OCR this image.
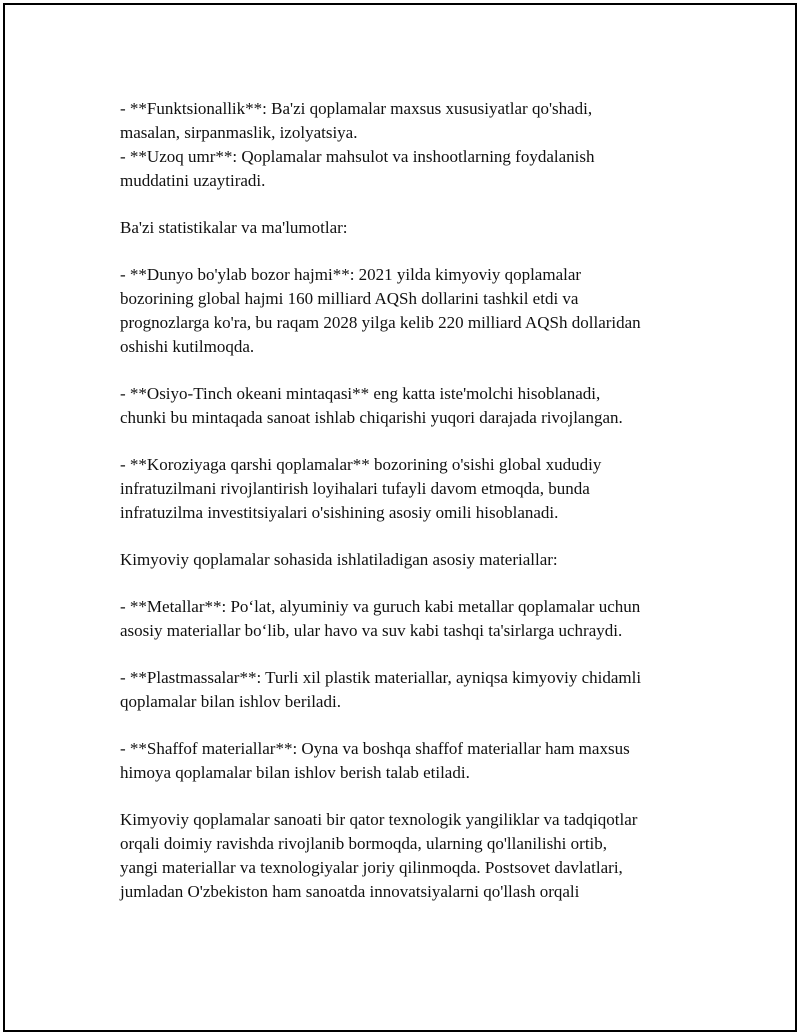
- **Funktsionallik**: Ba'zi qoplamalar maxsus xususiyatlar qo'shadi,
masalan, sirpanmaslik, izolyatsiya.
- **Uzoq umr**: Qoplamalar mahsulot va inshootlarning foydalanish
muddatini uzaytiradi.

Ba'zi statistikalar va ma'lumotlar:

- **Dunyo bo'ylab bozor hajmi**: 2021 yilda kimyoviy qoplamalar
bozorining global hajmi 160 milliard AQSh dollarini tashkil etdi va
prognozlarga ko'ra, bu raqam 2028 yilga kelib 220 milliard AQSh dollaridan
oshishi kutilmoqda.

- **Osiyo-Tinch okeani mintaqasi** eng katta iste'molchi hisoblanadi,
chunki bu mintaqada sanoat ishlab chiqarishi yuqori darajada rivojlangan.

- **Koroziyaga qarshi qoplamalar** bozorining o'sishi global xududiy
infratuzilmani rivojlantirish loyihalari tufayli davom etmoqda, bunda
infratuzilma investitsiyalari o'sishining asosiy omili hisoblanadi.

Kimyoviy qoplamalar sohasida ishlatiladigan asosiy materiallar:

- **Metallar**: Po‘lat, alyuminiy va guruch kabi metallar qoplamalar uchun
asosiy materiallar bo‘lib, ular havo va suv kabi tashqi ta'sirlarga uchraydi.

- **Plastmassalar**: Turli xil plastik materiallar, ayniqsa kimyoviy chidamli
qoplamalar bilan ishlov beriladi.

- **Shaffof materiallar**: Oyna va boshqa shaffof materiallar ham maxsus
himoya qoplamalar bilan ishlov berish talab etiladi.

Kimyoviy qoplamalar sanoati bir qator texnologik yangiliklar va tadqiqotlar
orqali doimiy ravishda rivojlanib bormoqda, ularning qo'llanilishi ortib,
yangi materiallar va texnologiyalar joriy qilinmoqda. Postsovet davlatlari,
jumladan O'zbekiston ham sanoatda innovatsiyalarni qo'llash orqali
